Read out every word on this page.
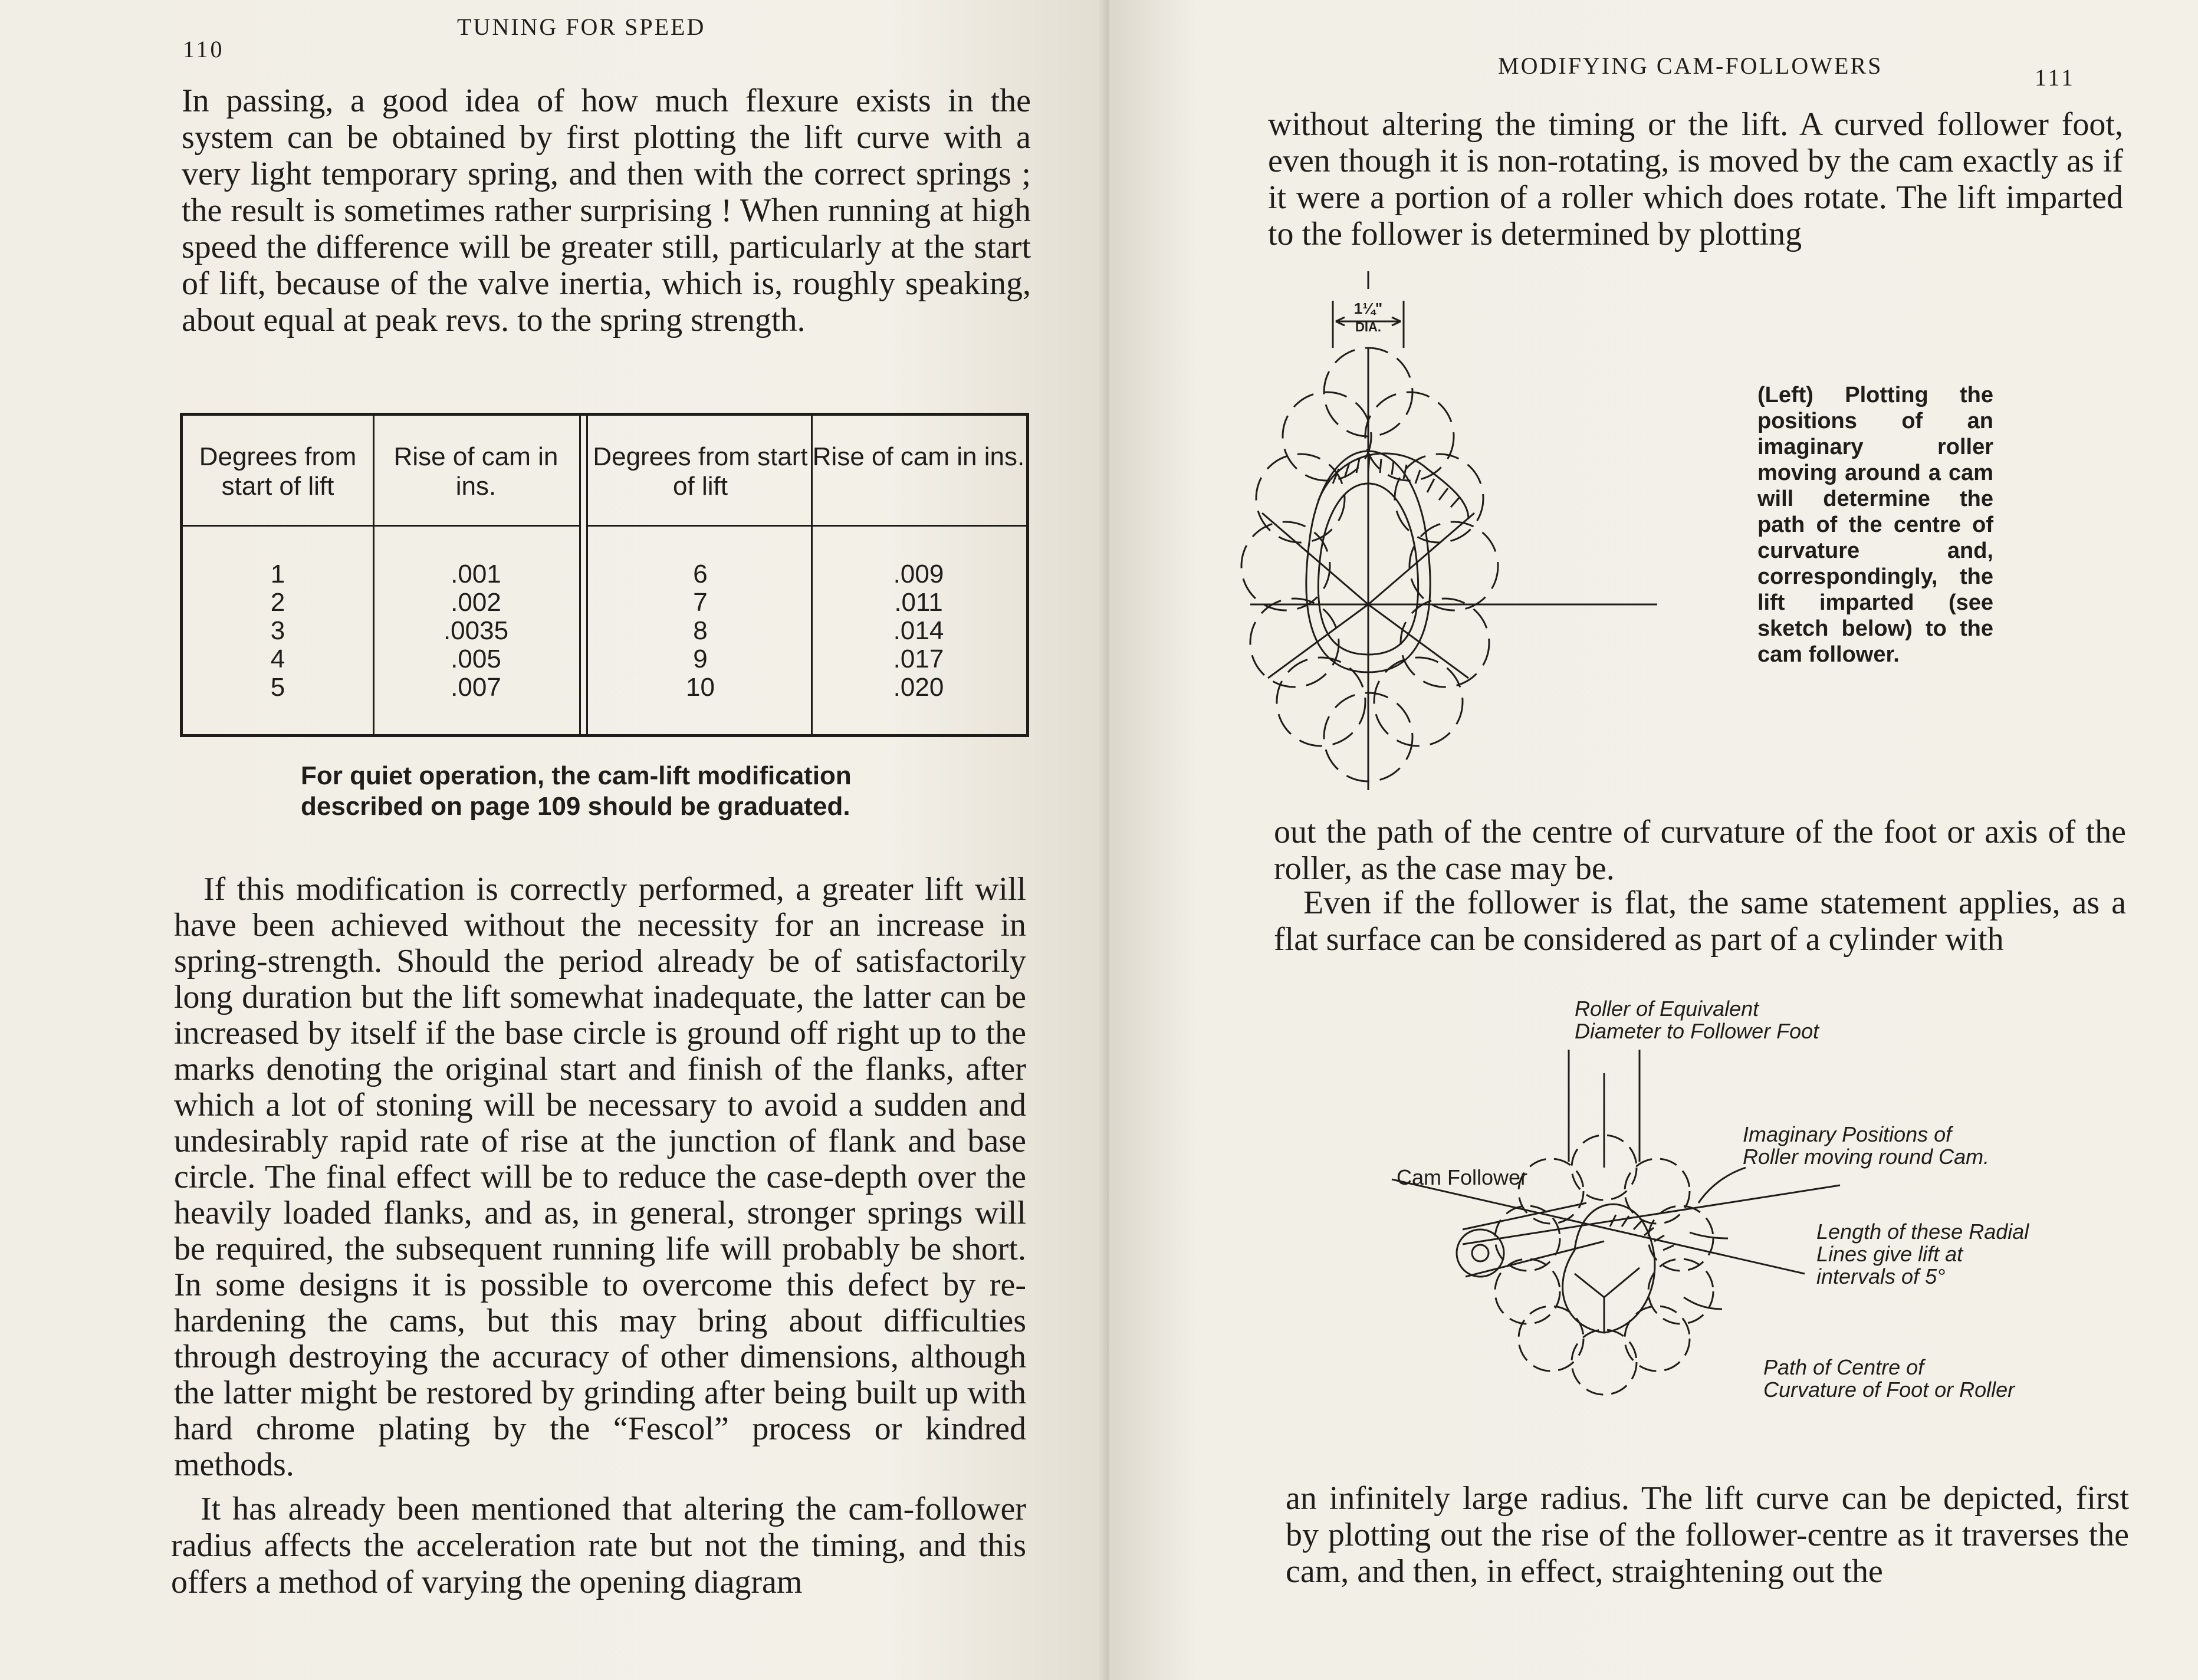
110
TUNING FOR SPEED

In passing, a good idea of how much flexure exists in the system can be obtained by first plotting the lift curve with a very light temporary spring, and then with the correct springs ; the result is sometimes rather surprising ! When running at high speed the difference will be greater still, particularly at the start of lift, because of the valve inertia, which is, roughly speaking, about equal at peak revs. to the spring strength.

Degrees from start of lift
1
2
3
4
5
Rise of cam in ins.
.001
.002
.0035
.005
.007
Degrees from start of lift
6
7
8
9
10
Rise of cam in ins.
.009
.011
.014
.017
.020
For quiet operation, the cam-lift modification
described on page 109 should be graduated.

If this modification is correctly performed, a greater lift will have been achieved without the necessity for an increase in spring-strength. Should the period already be of satisfactorily long duration but the lift somewhat inadequate, the latter can be increased by itself if the base circle is ground off right up to the marks denoting the original start and finish of the flanks, after which a lot of stoning will be necessary to avoid a sudden and undesirably rapid rate of rise at the junction of flank and base circle. The final effect will be to reduce the case-depth over the heavily loaded flanks, and as, in general, stronger springs will be required, the subsequent running life will probably be short. In some designs it is possible to overcome this defect by re-hardening the cams, but this may bring about difficulties through destroying the accuracy of other dimensions, although the latter might be restored by grinding after being built up with hard chrome plating by the “Fescol” process or kindred methods.

It has already been mentioned that altering the cam-follower radius affects the acceleration rate but not the timing, and this offers a method of varying the opening diagram

MODIFYING CAM-FOLLOWERS	111

without altering the timing or the lift. A curved follower foot, even though it is non-rotating, is moved by the cam exactly as if it were a portion of a roller which does rotate. The lift imparted to the follower is determined by plotting

1¼"
DIA.
(Left) Plotting the positions of an imaginary roller moving around a cam will determine the path of the centre of curvature and, correspondingly, the lift imparted (see sketch below) to the cam follower.

out the path of the centre of curvature of the foot or axis of the roller, as the case may be.

Even if the follower is flat, the same statement applies, as a flat surface can be considered as part of a cylinder with

Roller of Equivalent
Diameter to Follower Foot
Imaginary Positions of
Roller moving round Cam.
Cam Follower
Length of these Radial
Lines give lift at
intervals of 5°
Path of Centre of
Curvature of Foot or Roller

an infinitely large radius. The lift curve can be depicted, first by plotting out the rise of the follower-centre as it traverses the cam, and then, in effect, straightening out the
